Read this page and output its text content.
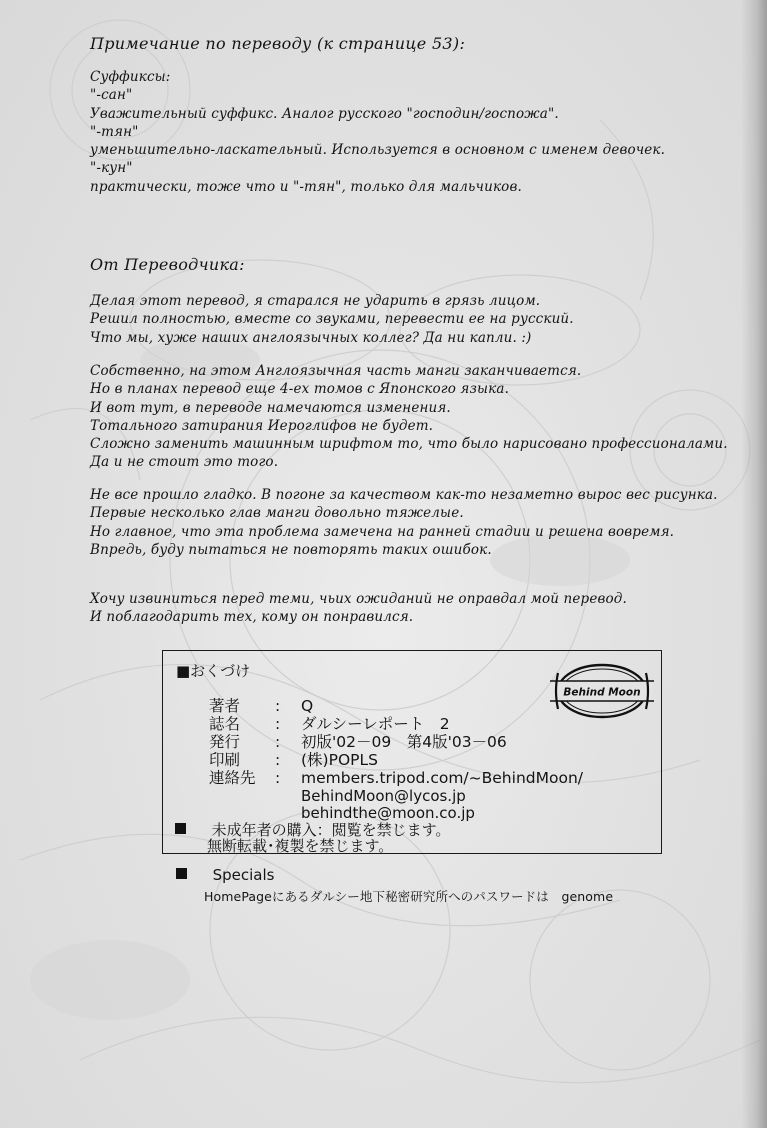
Примечание по переводу (к странице 53):
Суффиксы:
"-сан"
Уважительный суффикс. Аналог русского "господин/госпожа".
"-тян"
уменьшительно-ласкательный. Используется в основном с именем девочек.
"-кун"
практически, тоже что и "-тян", только для мальчиков.
От Переводчика:
Делая этот перевод, я старался не ударить в грязь лицом.
Решил полностью, вместе со звуками, перевести ее на русский.
Что мы, хуже наших англоязычных коллег? Да ни капли. :)
Собственно, на этом Англоязычная часть манги заканчивается.
Но в планах перевод еще 4-ех томов с Японского языка.
И вот тут, в переводе намечаются изменения.
Тотального затирания Иероглифов не будет.
Сложно заменить машинным шрифтом то, что было нарисовано профессионалами.
Да и не стоит это того.
Не все прошло гладко. В погоне за качеством как-то незаметно вырос вес рисунка.
Первые несколько глав манги довольно тяжелые.
Но главное, что эта проблема замечена на ранней стадии и решена вовремя.
Впредь, буду пытаться не повторять таких ошибок.
Хочу извиниться перед теми, чьих ожиданий не оправдал мой перевод.
И поблагодарить тех, кому он понравился.
■おくづけ
Behind Moon
著者	: Q
誌名	: ダルシーレポート　2
発行	: 初版'02－09　第4版'03－06
印刷	: (株)POPLS
連絡先	: members.tripod.com/~BehindMoon/
BehindMoon@lycos.jp
behindthe@moon.co.jp
未成年者の購入：閲覧を禁じます。
無断転載･複製を禁じます。
Specials
HomePageにあるダルシー地下秘密研究所へのパスワードは　genome
